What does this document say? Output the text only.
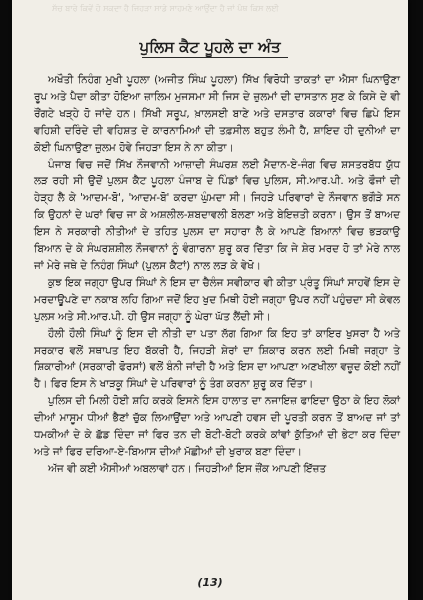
ਸੱਚ ਬਾਰੇ ਕਿਵੇਂ ਹੋ ਸਕਦਾ ਹੈ ਜਿਹੜਾ ਸਾਡੇ ਸਾਹਮਣੇ ਆਉਂਦਾ ਹੈ ਜਾਂ ਪੰਥ ਕਿਸ ਲਈ
ਪੁਲਿਸ ਕੈਟ ਪੂਹਲੇ ਦਾ ਅੰਤ

ਅਖੌਤੀ ਨਿਹੰਗ ਮੁਖੀ ਪੂਹਲਾ (ਅਜੀਤ ਸਿੰਘ ਪੂਹਲਾ) ਸਿੱਖ ਵਿਰੋਧੀ ਤਾਕਤਾਂ ਦਾ ਐਸਾ ਘਿਨਾਉਣਾ ਰੂਪ ਅਤੇ ਪੈਦਾ ਕੀਤਾ ਹੋਇਆ ਜ਼ਾਲਿਮ ਮੁਜਸਮਾ ਸੀ ਜਿਸ ਦੇ ਜ਼ੁਲਮਾਂ ਦੀ ਦਾਸਤਾਨ ਸੁਣ ਕੇ ਕਿਸੇ ਦੇ ਵੀ ਰੌਂਗਟੇ ਖੜ੍ਹੇ ਹੋ ਜਾਂਦੇ ਹਨ। ਸਿੱਖੀ ਸਰੂਪ, ਖ਼ਾਲਸਈ ਬਾਣੇ ਅਤੇ ਦਸਤਾਰ ਕਕਾਰਾਂ ਵਿਚ ਛਿਪੇ ਇਸ ਵਹਿਸ਼ੀ ਦਰਿੰਦੇ ਦੀ ਵਹਿਸ਼ਤ ਦੇ ਕਾਰਨਾਮਿਆਂ ਦੀ ਤਫ਼ਸੀਲ ਬਹੁਤ ਲੰਮੀ ਹੈ, ਸ਼ਾਇਦ ਹੀ ਦੁਨੀਆਂ ਦਾ ਕੋਈ ਘਿਨਾਉਣਾ ਜ਼ੁਲਮ ਹੋਵੇ ਜਿਹੜਾ ਇਸ ਨੇ ਨਾ ਕੀਤਾ।

ਪੰਜਾਬ ਵਿਚ ਜਦੋਂ ਸਿੱਖ ਨੌਜਵਾਨੀ ਆਜ਼ਾਦੀ ਸੰਘਰਸ਼ ਲਈ ਮੈਦਾਨ-ਏ-ਜੰਗ ਵਿਚ ਸ਼ਸਤਰਬੱਧ ਯੁੱਧ ਲੜ ਰਹੀ ਸੀ ਉਦੋਂ ਪੁਲਸ ਕੈਟ ਪੂਹਲਾ ਪੰਜਾਬ ਦੇ ਪਿੰਡਾਂ ਵਿਚ ਪੁਲਿਸ, ਸੀ.ਆਰ.ਪੀ. ਅਤੇ ਫੌਜਾਂ ਦੀ ਹੇੜ੍ਹ ਲੈ ਕੇ 'ਆਦਮ-ਬੋ', 'ਆਦਮ-ਬੋ' ਕਰਦਾ ਘੁੰਮਦਾ ਸੀ। ਜਿਹੜੇ ਪਰਿਵਾਰਾਂ ਦੇ ਨੌਜਵਾਨ ਭਗੌੜੇ ਸਨ ਕਿ ਉਹਨਾਂ ਦੇ ਘਰਾਂ ਵਿਚ ਜਾ ਕੇ ਅਸ਼ਲੀਲ-ਸ਼ਬਦਾਵਲੀ ਬੋਲਣਾ ਅਤੇ ਬੇਇਜ਼ਤੀ ਕਰਨਾ। ਉਸ ਤੋਂ ਬਾਅਦ ਇਸ ਨੇ ਸਰਕਾਰੀ ਨੀਤੀਆਂ ਦੇ ਤਹਿਤ ਪੁਲਸ ਦਾ ਸਹਾਰਾ ਲੈ ਕੇ ਆਪਣੇ ਬਿਆਨਾਂ ਵਿਚ ਭੜਕਾਉ ਬਿਆਨ ਦੇ ਕੇ ਸੰਘਰਸ਼ਸ਼ੀਲ ਨੌਜਵਾਨਾਂ ਨੂੰ ਵੰਗਾਰਨਾ ਸ਼ੁਰੂ ਕਰ ਦਿੱਤਾ ਕਿ ਜੇ ਸ਼ੇਰ ਮਰਦ ਹੋ ਤਾਂ ਮੇਰੇ ਨਾਲ ਜਾਂ ਮੇਰੇ ਜਥੇ ਦੇ ਨਿਹੰਗ ਸਿੰਘਾਂ (ਪੁਲਸ ਕੈਟਾਂ) ਨਾਲ ਲੜ ਕੇ ਵੇਖੋ।

ਕੁਝ ਇਕ ਜਗ੍ਹਾ ਉਪਰ ਸਿੰਘਾਂ ਨੇ ਇਸ ਦਾ ਚੈਲੰਜ ਸਵੀਕਾਰ ਵੀ ਕੀਤਾ ਪ੍ਰੰਤੂ ਸਿੰਘਾਂ ਸਾਹਵੇਂ ਇਸ ਦੇ ਮਰਦਾਊਪਣੇ ਦਾ ਨਕਾਬ ਲਹਿ ਗਿਆ ਜਦੋਂ ਇਹ ਖੁਦ ਮਿਥੀ ਹੋਈ ਜਗ੍ਹਾ ਉਪਰ ਨਹੀਂ ਪਹੁੰਚਦਾ ਸੀ ਕੇਵਲ ਪੁਲਸ ਅਤੇ ਸੀ.ਆਰ.ਪੀ. ਹੀ ਉਸ ਜਗ੍ਹਾ ਨੂੰ ਘੇਰਾ ਘੱਤ ਲੈਂਦੀ ਸੀ।

ਹੌਲੀ ਹੌਲੀ ਸਿੰਘਾਂ ਨੂੰ ਇਸ ਦੀ ਨੀਤੀ ਦਾ ਪਤਾ ਲੱਗ ਗਿਆ ਕਿ ਇਹ ਤਾਂ ਕਾਇਰ ਖੁਸਰਾ ਹੈ ਅਤੇ ਸਰਕਾਰ ਵਲੋਂ ਸਥਾਪਤ ਇਹ ਬੱਕਰੀ ਹੈ, ਜਿਹੜੀ ਸ਼ੇਰਾਂ ਦਾ ਸ਼ਿਕਾਰ ਕਰਨ ਲਈ ਮਿਥੀ ਜਗ੍ਹਾ ਤੇ ਸ਼ਿਕਾਰੀਆਂ (ਸਰਕਾਰੀ ਫੋਰਸਾਂ) ਵਲੋਂ ਬੰਨੀ ਜਾਂਦੀ ਹੈ ਅਤੇ ਇਸ ਦਾ ਆਪਣਾ ਅਣਖੀਲਾ ਵਜ਼ੂਦ ਕੋਈ ਨਹੀਂ ਹੈ। ਫਿਰ ਇਸ ਨੇ ਖਾੜਕੂ ਸਿੰਘਾਂ ਦੇ ਪਰਿਵਾਰਾਂ ਨੂੰ ਤੰਗ ਕਰਨਾ ਸ਼ੁਰੂ ਕਰ ਦਿੱਤਾ।

ਪੁਲਿਸ ਦੀ ਮਿਲੀ ਹੋਈ ਸ਼ਹਿ ਕਰਕੇ ਇਸਨੇ ਇਸ ਹਾਲਾਤ ਦਾ ਨਜਾਇਜ਼ ਫਾਇਦਾ ਉਠਾ ਕੇ ਇਹ ਲੋਕਾਂ ਦੀਆਂ ਮਾਸੂਮ ਧੀਆਂ ਭੈਣਾਂ ਚੁੱਕ ਲਿਆਉਂਦਾ ਅਤੇ ਆਪਣੀ ਹਵਸ ਦੀ ਪੂਰਤੀ ਕਰਨ ਤੋਂ ਬਾਅਦ ਜਾਂ ਤਾਂ ਧਮਕੀਆਂ ਦੇ ਕੇ ਛੱਡ ਦਿੰਦਾ ਜਾਂ ਫਿਰ ਤਨ ਦੀ ਬੋਟੀ-ਬੋਟੀ ਕਰਕੇ ਕਾਂਵਾਂ ਕੁੱਤਿਆਂ ਦੀ ਭੇਟਾ ਕਰ ਦਿੰਦਾ ਅਤੇ ਜਾਂ ਫਿਰ ਦਰਿਆ-ਏ-ਬਿਆਸ ਦੀਆਂ ਮੱਛੀਆਂ ਦੀ ਖੁਰਾਕ ਬਣਾ ਦਿੰਦਾ।

ਅੱਜ ਵੀ ਕਈ ਐਸੀਆਂ ਅਬਲਾਵਾਂ ਹਨ। ਜਿਹੜੀਆਂ ਇਸ ਜ਼ੌਂਕ ਆਪਣੀ ਇੱਜ਼ਤ

(13)
